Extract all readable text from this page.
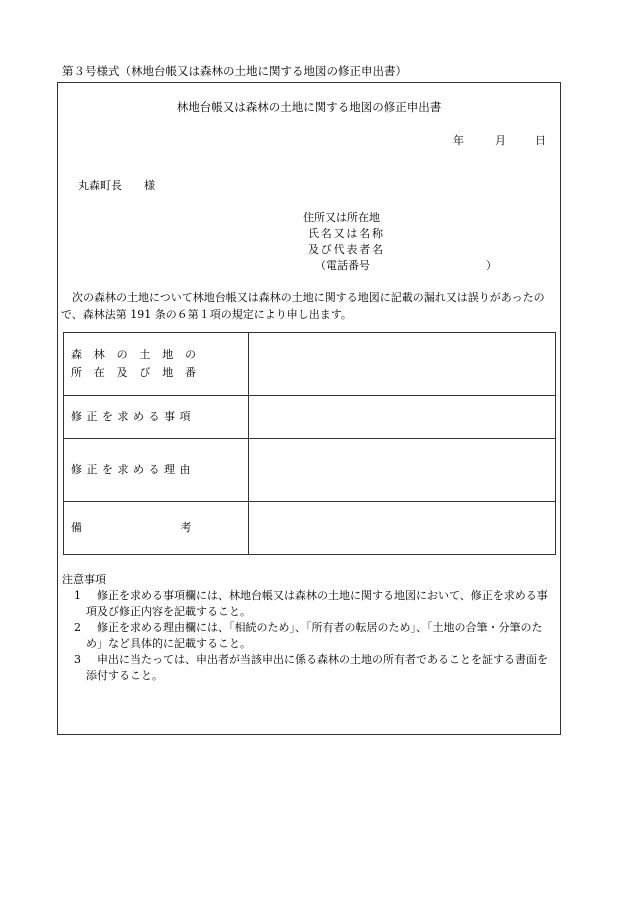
第３号様式（林地台帳又は森林の土地に関する地図の修正申出書）
林地台帳又は森林の土地に関する地図の修正申出書
年	月	日
丸森町長　　様
住所又は所在地
氏名又は名称
及び代表者名
（電話番号	）
次の森林の土地について林地台帳又は森林の土地に関する地図に記載の漏れ又は誤りがあったので、森林法第 191 条の６第１項の規定により申し出ます。
森林の土地の
所在及び地番	

修正を求める事項	

修正を求める理由	

備 考	

注意事項
1　 修正を求める事項欄には、林地台帳又は森林の土地に関する地図において、修正を求める事項及び修正内容を記載すること。
2　 修正を求める理由欄には、「相続のため」、「所有者の転居のため」、「土地の合筆・分筆のため」など具体的に記載すること。
3　 申出に当たっては、申出者が当該申出に係る森林の土地の所有者であることを証する書面を添付すること。
